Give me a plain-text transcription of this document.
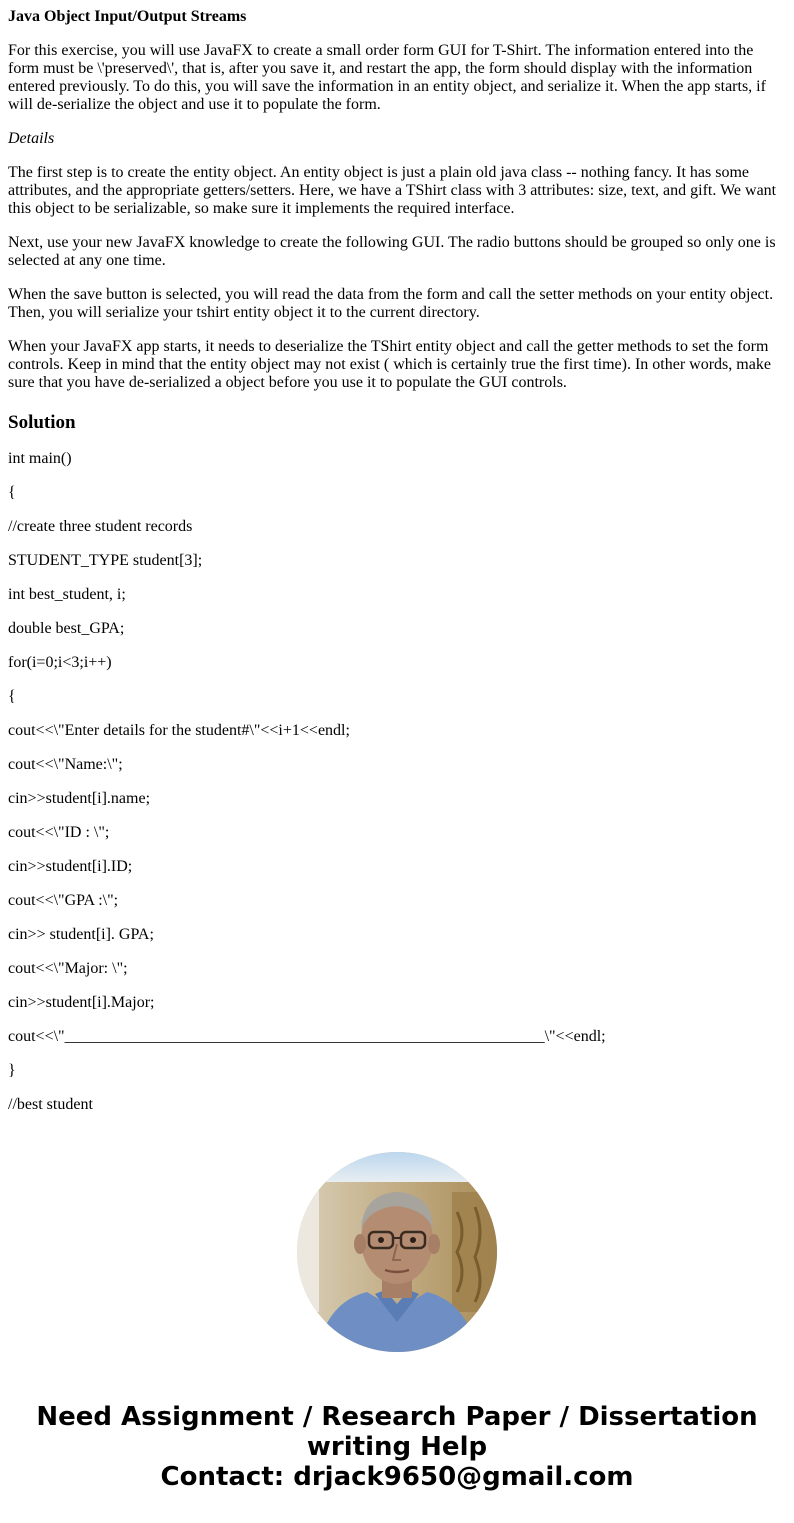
Java Object Input/Output Streams

For this exercise, you will use JavaFX to create a small order form GUI for T-Shirt. The information entered into the form must be \'preserved\', that is, after you save it, and restart the app, the form should display with the information entered previously. To do this, you will save the information in an entity object, and serialize it. When the app starts, if will de-serialize the object and use it to populate the form.

Details

The first step is to create the entity object. An entity object is just a plain old java class -- nothing fancy. It has some attributes, and the appropriate getters/setters. Here, we have a TShirt class with 3 attributes: size, text, and gift. We want this object to be serializable, so make sure it implements the required interface.

Next, use your new JavaFX knowledge to create the following GUI. The radio buttons should be grouped so only one is selected at any one time.

When the save button is selected, you will read the data from the form and call the setter methods on your entity object. Then, you will serialize your tshirt entity object it to the current directory.

When your JavaFX app starts, it needs to deserialize the TShirt entity object and call the getter methods to set the form controls. Keep in mind that the entity object may not exist ( which is certainly true the first time). In other words, make sure that you have de-serialized a object before you use it to populate the GUI controls.

Solution
int main()
{
//create three student records
STUDENT_TYPE student[3];
int best_student, i;
double best_GPA;
for(i=0;i<3;i++)
{
cout<<\"Enter details for the student#\"<<i+1<<endl;
cout<<\"Name:\";
cin>>student[i].name;
cout<<\"ID : \";
cin>>student[i].ID;
cout<<\"GPA :\";
cin>> student[i]. GPA;
cout<<\"Major: \";
cin>>student[i].Major;
cout<<\"____________________________________________________________\"<<endl;
}
//best student
Need Assignment / Research Paper / Dissertation
writing Help
Contact: drjack9650@gmail.com
